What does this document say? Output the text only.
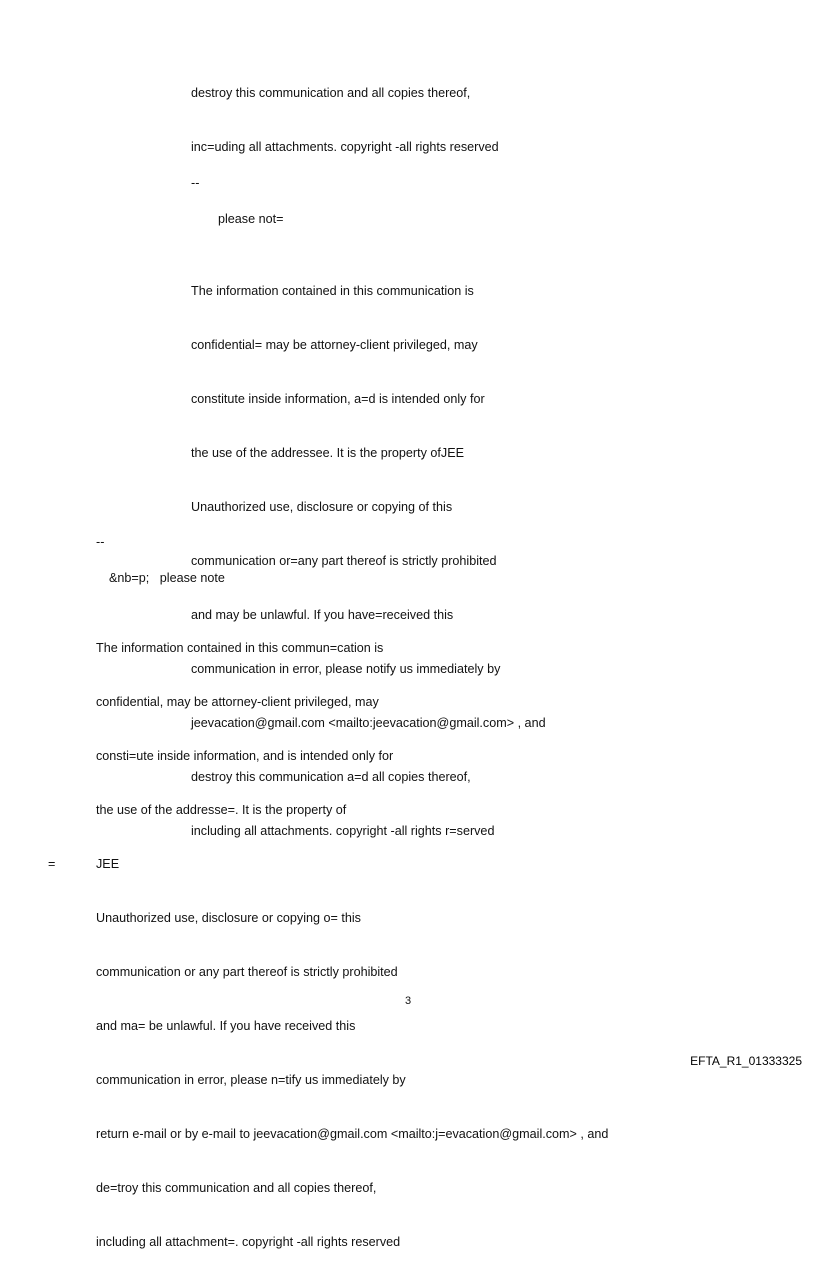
destroy this communication and all copies thereof,

inc=uding all attachments. copyright -all rights reserved

--

please not=

The information contained in this communication is

confidential= may be attorney-client privileged, may

constitute inside information, a=d is intended only for

the use of the addressee. It is the property ofJEE

Unauthorized use, disclosure or copying of this

communication or=any part thereof is strictly prohibited

and may be unlawful. If you have=received this

communication in error, please notify us immediately by

jeevacation@gmail.com <mailto:jeevacation@gmail.com> , and

destroy this communication a=d all copies thereof,

including all attachments. copyright -all rights r=served

--

&nb=p;   please note

The information contained in this commun=cation is

confidential, may be attorney-client privileged, may

consti=ute inside information, and is intended only for

the use of the addresse=. It is the property of

JEE

Unauthorized use, disclosure or copying o= this

communication or any part thereof is strictly prohibited

and ma= be unlawful. If you have received this

communication in error, please n=tify us immediately by

return e-mail or by e-mail to jeevacation@gmail.com <mailto:j=evacation@gmail.com> , and

de=troy this communication and all copies thereof,

including all attachment=. copyright -all rights reserved

=

3
EFTA_R1_01333325
